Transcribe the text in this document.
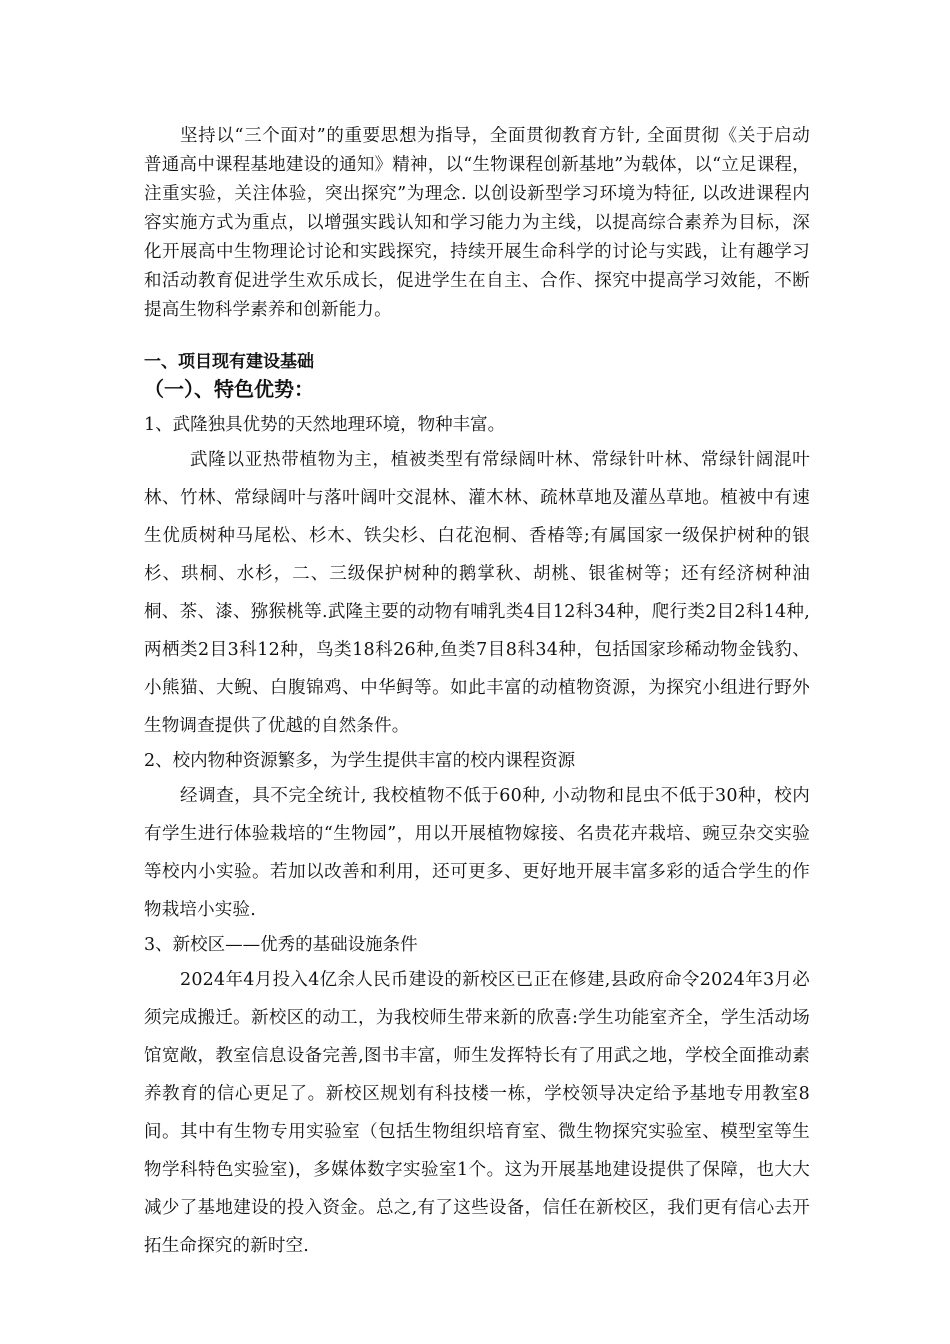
坚持以“三个面对”的重要思想为指导，全面贯彻教育方针, 全面贯彻《关于启动普通高中课程基地建设的通知》精神，以“生物课程创新基地”为载体，以“立足课程，注重实验，关注体验，突出探究”为理念. 以创设新型学习环境为特征, 以改进课程内容实施方式为重点，以增强实践认知和学习能力为主线，以提高综合素养为目标，深化开展高中生物理论讨论和实践探究，持续开展生命科学的讨论与实践，让有趣学习和活动教育促进学生欢乐成长，促进学生在自主、合作、探究中提高学习效能，不断提高生物科学素养和创新能力。

一、项目现有建设基础

（一）、特色优势：

1、武隆独具优势的天然地理环境，物种丰富。

武隆以亚热带植物为主，植被类型有常绿阔叶林、常绿针叶林、常绿针阔混叶林、竹林、常绿阔叶与落叶阔叶交混林、灌木林、疏林草地及灌丛草地。植被中有速生优质树种马尾松、杉木、铁尖杉、白花泡桐、香椿等;有属国家一级保护树种的银杉、珙桐、水杉，二、三级保护树种的鹅掌秋、胡桃、银雀树等；还有经济树种油桐、茶、漆、猕猴桃等.武隆主要的动物有哺乳类4目12科34种，爬行类2目2科14种,两栖类2目3科12种，鸟类18科26种,鱼类7目8科34种，包括国家珍稀动物金钱豹、小熊猫、大鲵、白腹锦鸡、中华鲟等。如此丰富的动植物资源，为探究小组进行野外生物调查提供了优越的自然条件。

2、校内物种资源繁多，为学生提供丰富的校内课程资源

经调查，具不完全统计, 我校植物不低于60种, 小动物和昆虫不低于30种，校内有学生进行体验栽培的“生物园”，用以开展植物嫁接、名贵花卉栽培、豌豆杂交实验等校内小实验。若加以改善和利用，还可更多、更好地开展丰富多彩的适合学生的作物栽培小实验.

3、新校区——优秀的基础设施条件

2024年4月投入4亿余人民币建设的新校区已正在修建,县政府命令2024年3月必须完成搬迁。新校区的动工，为我校师生带来新的欣喜:学生功能室齐全，学生活动场馆宽敞，教室信息设备完善,图书丰富，师生发挥特长有了用武之地，学校全面推动素养教育的信心更足了。新校区规划有科技楼一栋，学校领导决定给予基地专用教室8间。其中有生物专用实验室（包括生物组织培育室、微生物探究实验室、模型室等生物学科特色实验室)，多媒体数字实验室1个。这为开展基地建设提供了保障，也大大减少了基地建设的投入资金。总之,有了这些设备，信任在新校区，我们更有信心去开拓生命探究的新时空.
